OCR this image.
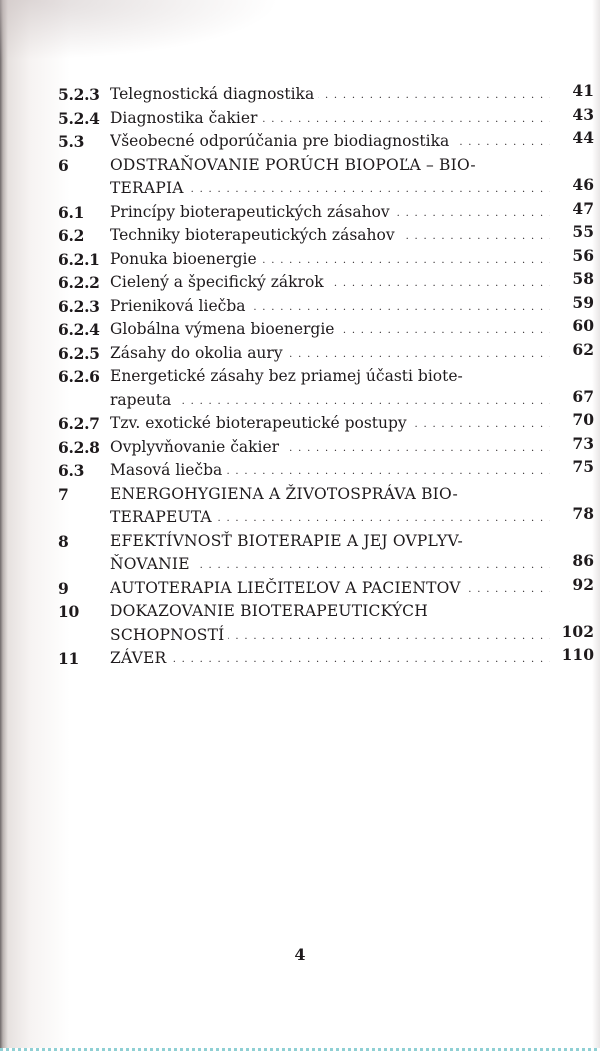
5.2.3 Telegnostická diagnostika . . .	41
5.2.4 Diagnostika čakier . . .	43
5.3	Všeobecné odporúčania pre biodiagnostika . . .	44
6	ODSTRAŇOVANIE PORÚCH BIOPOĽA – BIO-
TERAPIA . . .	46
6.1	Princípy bioterapeutických zásahov . . .	47
6.2	Techniky bioterapeutických zásahov . . .	55
6.2.1 Ponuka bioenergie . . .	56
6.2.2 Cielený a špecifický zákrok . . .	58
6.2.3 Prieniková liečba . . .	59
6.2.4 Globálna výmena bioenergie . . .	60
6.2.5 Zásahy do okolia aury . . .	62
6.2.6 Energetické zásahy bez priamej účasti biote-
rapeuta . . .	67
6.2.7 Tzv. exotické bioterapeutické postupy . . .	70
6.2.8 Ovplyvňovanie čakier . . .	73
6.3	Masová liečba . . .	75
7	ENERGOHYGIENA A ŽIVOTOSPRÁVA BIO-
TERAPEUTA . . .	78
8	EFEKTÍVNOSŤ BIOTERAPIE A JEJ OVPLYV-
ŇOVANIE . . .	86
9	AUTOTERAPIA LIEČITEĽOV A PACIENTOV . . .	92
10	DOKAZOVANIE BIOTERAPEUTICKÝCH
SCHOPNOSTÍ . . .	102
11	ZÁVER . . .	110
4
